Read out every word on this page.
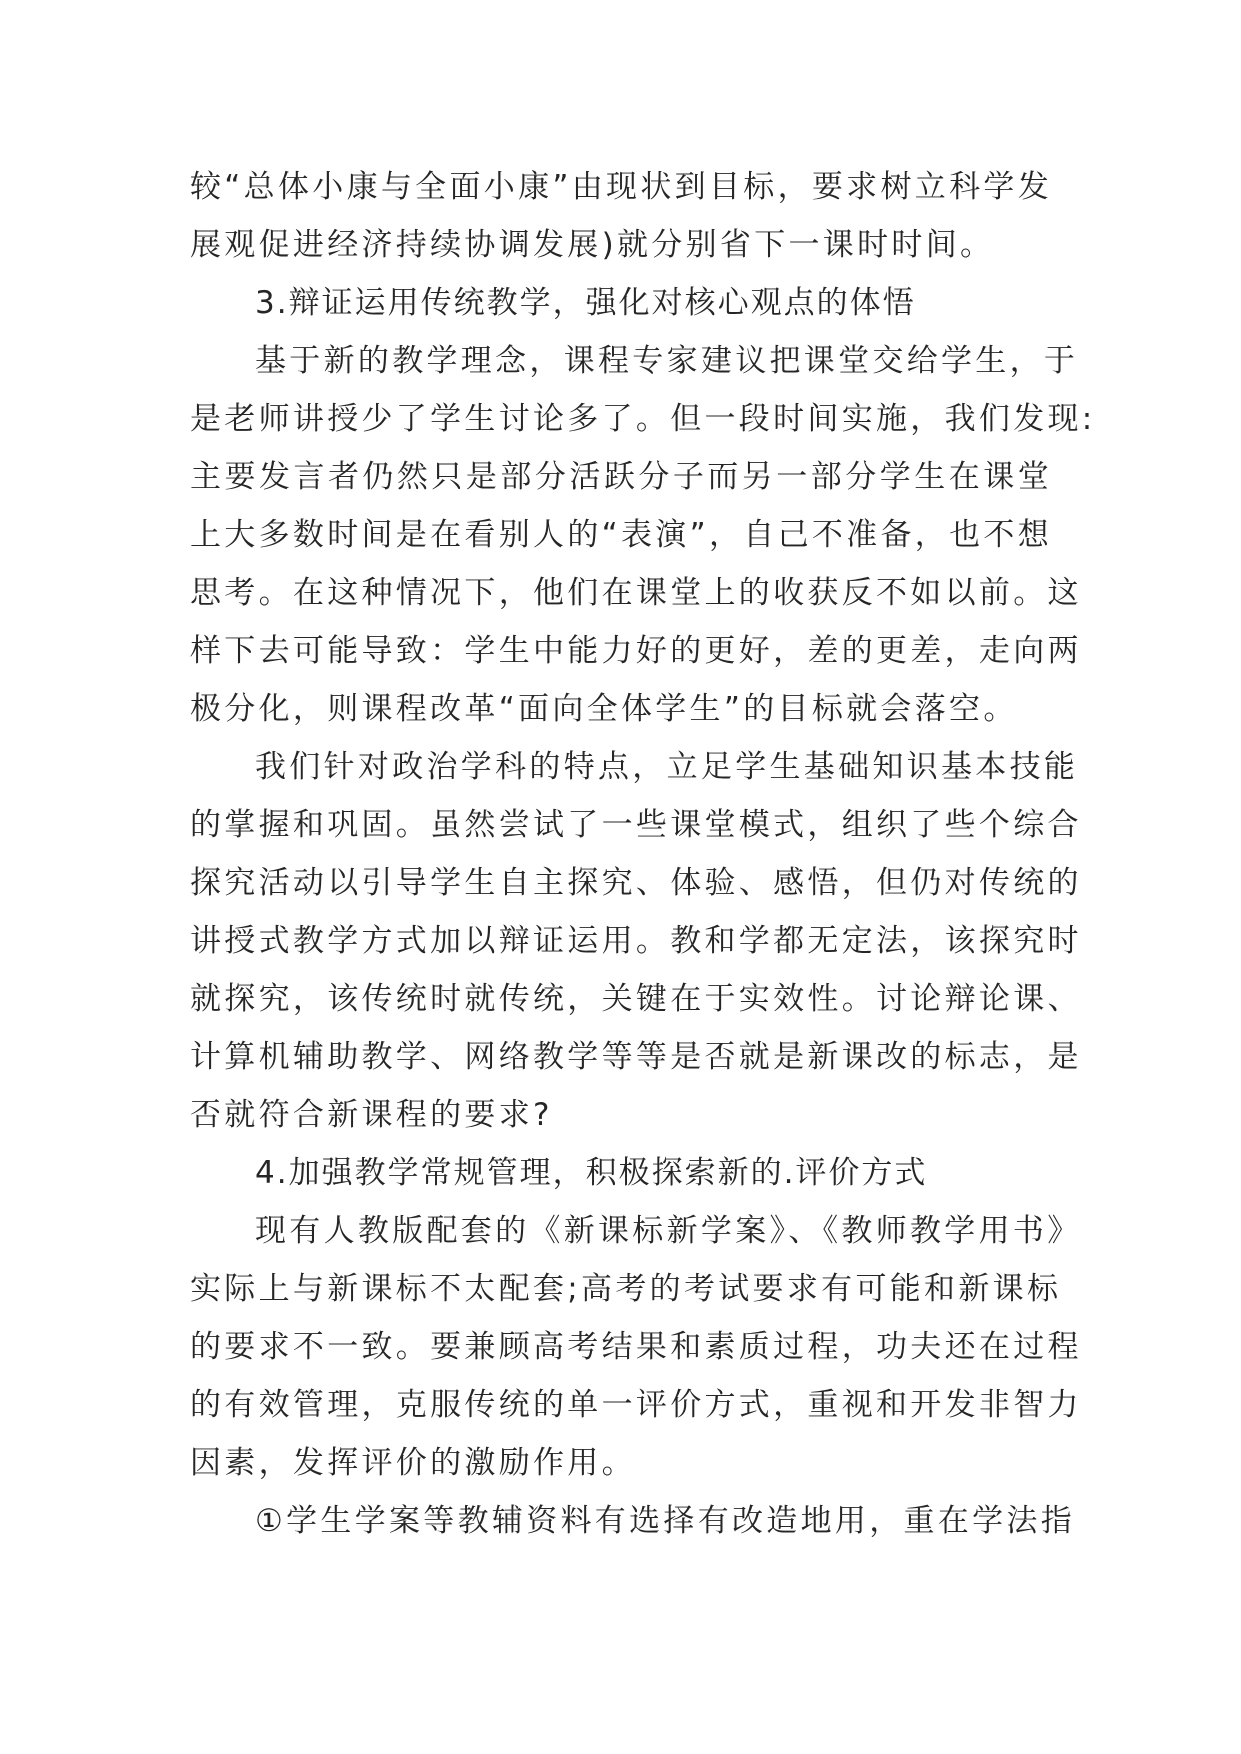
较“总体小康与全面小康”由现状到目标，要求树立科学发
展观促进经济持续协调发展)就分别省下一课时时间。
3.辩证运用传统教学，强化对核心观点的体悟
基于新的教学理念，课程专家建议把课堂交给学生，于
是老师讲授少了学生讨论多了。但一段时间实施，我们发现:
主要发言者仍然只是部分活跃分子而另一部分学生在课堂
上大多数时间是在看别人的“表演”，自己不准备，也不想
思考。在这种情况下，他们在课堂上的收获反不如以前。这
样下去可能导致：学生中能力好的更好，差的更差，走向两
极分化，则课程改革“面向全体学生”的目标就会落空。
我们针对政治学科的特点，立足学生基础知识基本技能
的掌握和巩固。虽然尝试了一些课堂模式，组织了些个综合
探究活动以引导学生自主探究、体验、感悟，但仍对传统的
讲授式教学方式加以辩证运用。教和学都无定法，该探究时
就探究，该传统时就传统，关键在于实效性。讨论辩论课、
计算机辅助教学、网络教学等等是否就是新课改的标志，是
否就符合新课程的要求?
4.加强教学常规管理，积极探索新的.评价方式
现有人教版配套的《新课标新学案》、《教师教学用书》
实际上与新课标不太配套;高考的考试要求有可能和新课标
的要求不一致。要兼顾高考结果和素质过程，功夫还在过程
的有效管理，克服传统的单一评价方式，重视和开发非智力
因素，发挥评价的激励作用。
①学生学案等教辅资料有选择有改造地用，重在学法指
